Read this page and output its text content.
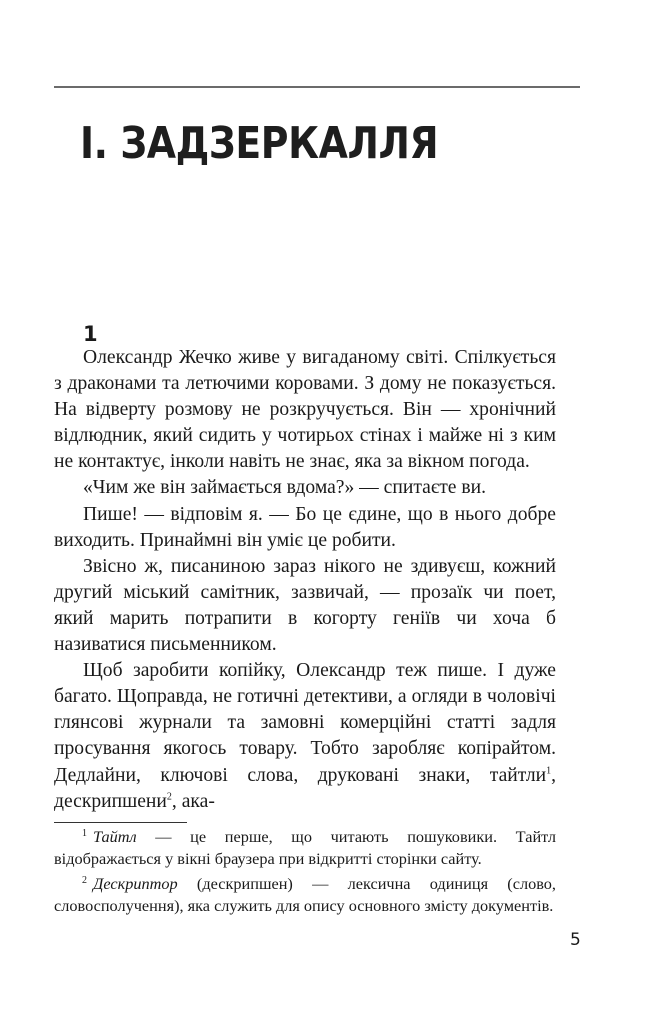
I. ЗАДЗЕРКАЛЛЯ
1

Олександр Жечко живе у вигаданому світі. Спілкується з драконами та летючими коровами. З дому не показується. На відверту розмову не розкручується. Він — хронічний відлюдник, який сидить у чотирьох стінах і майже ні з ким не контактує, інколи навіть не знає, яка за вікном погода.

«Чим же він займається вдома?» — спитаєте ви.

Пише! — відповім я. — Бо це єдине, що в нього добре виходить. Принаймні він уміє це робити.

Звісно ж, писаниною зараз нікого не здивуєш, кожний другий міський самітник, зазвичай, — прозаїк чи поет, який марить потрапити в когорту геніїв чи хоча б називатися письменником.

Щоб заробити копійку, Олександр теж пише. І дуже багато. Щоправда, не готичні детективи, а огляди в чоловічі глянсові журнали та замовні комерційні статті задля просування якогось товару. Тобто заробляє копірайтом. Дедлайни, ключові слова, друковані знаки, тайтли$^1$, дескрипшени$^2$, ака-

$^1$ Тайтл — це перше, що читають пошуковики. Тайтл відображається у вікні браузера при відкритті сторінки сайту.

$^2$ Дескриптор (дескрипшен) — лексична одиниця (слово, словосполучення), яка служить для опису основного змісту документів.

5
